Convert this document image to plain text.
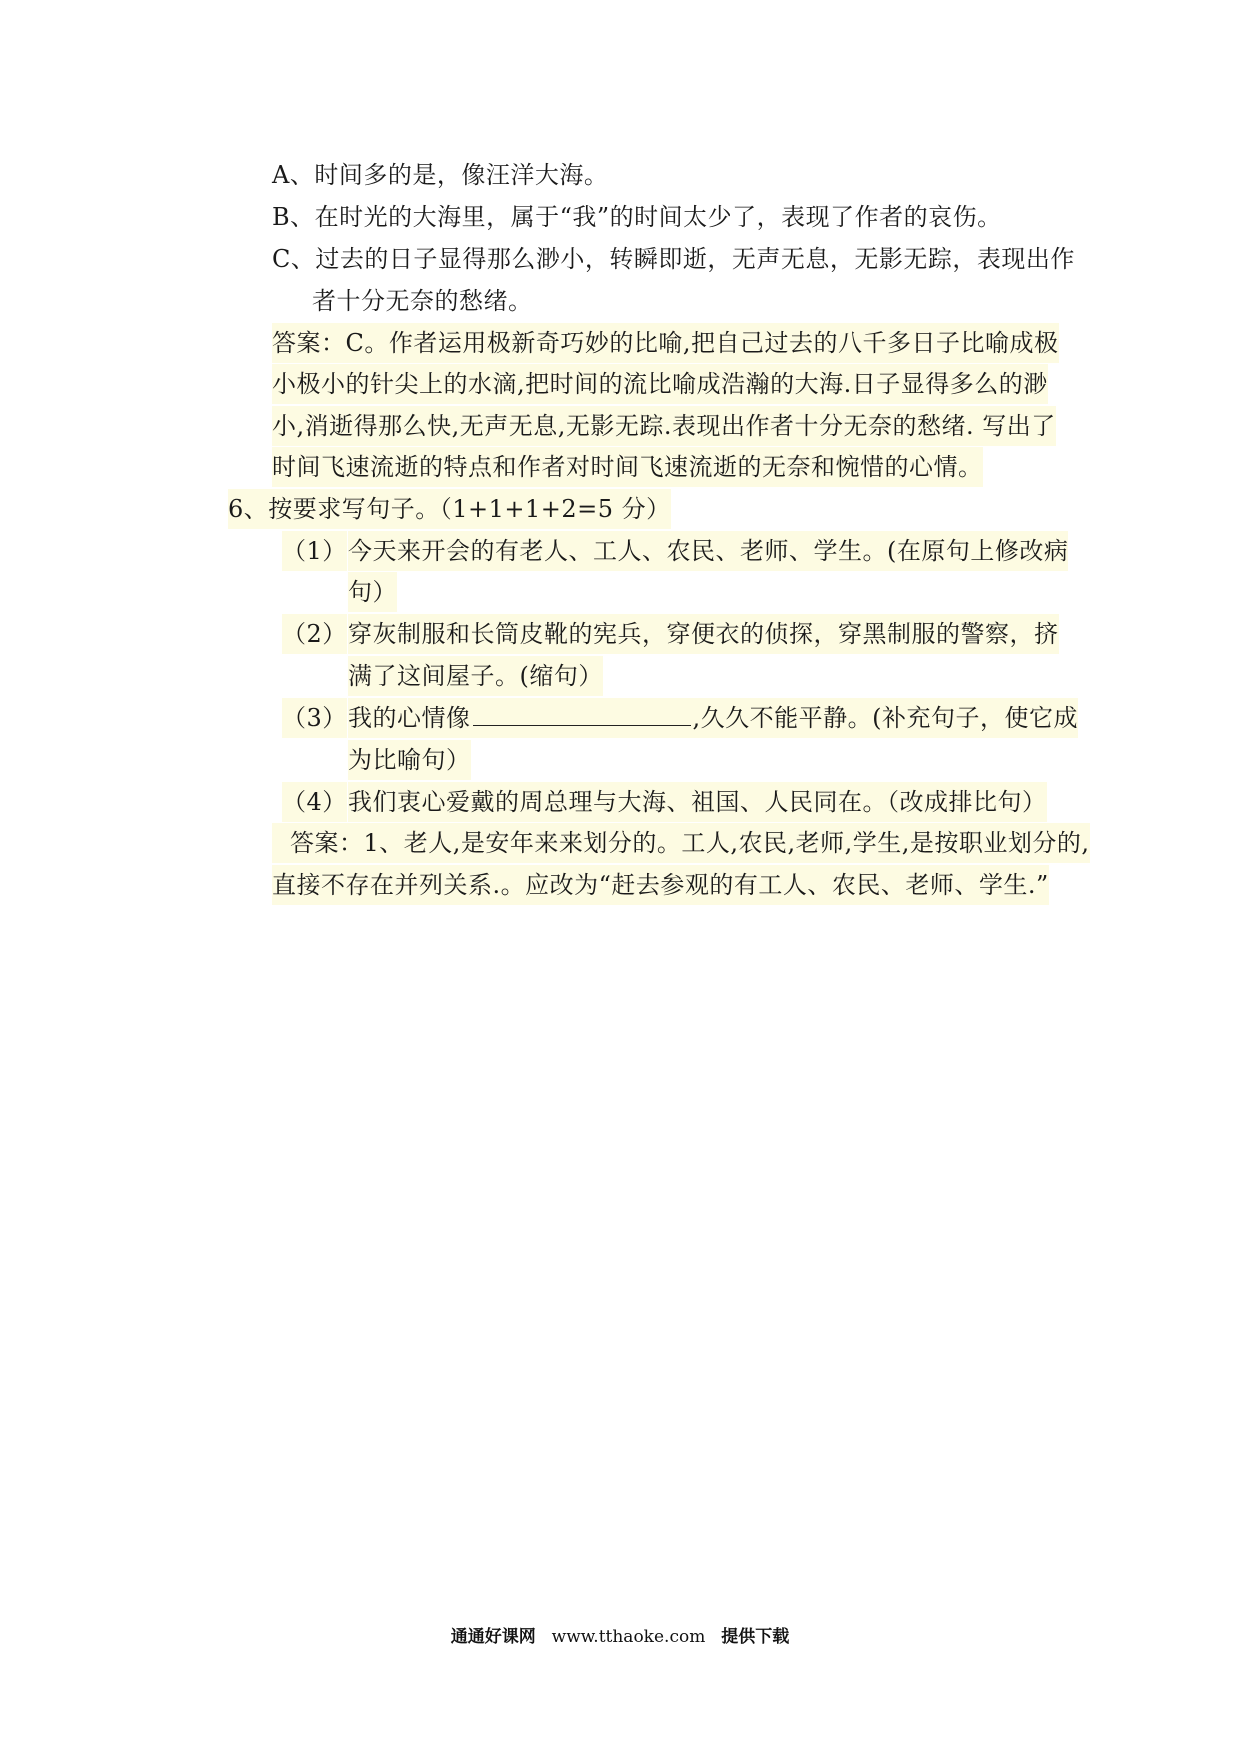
A、时间多的是，像汪洋大海。
B、在时光的大海里，属于“我”的时间太少了，表现了作者的哀伤。
C、过去的日子显得那么渺小，转瞬即逝，无声无息，无影无踪，表现出作
者十分无奈的愁绪。
答案：C。作者运用极新奇巧妙的比喻,把自己过去的八千多日子比喻成极
小极小的针尖上的水滴,把时间的流比喻成浩瀚的大海.日子显得多么的渺
小,消逝得那么快,无声无息,无影无踪.表现出作者十分无奈的愁绪. 写出了
时间飞速流逝的特点和作者对时间飞速流逝的无奈和惋惜的心情。
6、按要求写句子。（1+1+1+2=5 分）
（1） 今天来开会的有老人、工人、农民、老师、学生。(在原句上修改病
句）
（2） 穿灰制服和长筒皮靴的宪兵，穿便衣的侦探，穿黑制服的警察，挤
满了这间屋子。(缩句）
（3） 我的心情像	,久久不能平静。(补充句子，使它成
为比喻句）
（4） 我们衷心爱戴的周总理与大海、祖国、人民同在。（改成排比句）
答案：1、老人,是安年来来划分的。工人,农民,老师,学生,是按职业划分的,
直接不存在并列关系.。应改为“赶去参观的有工人、农民、老师、学生.”
通通好课网 www.tthaoke.com 提供下载
